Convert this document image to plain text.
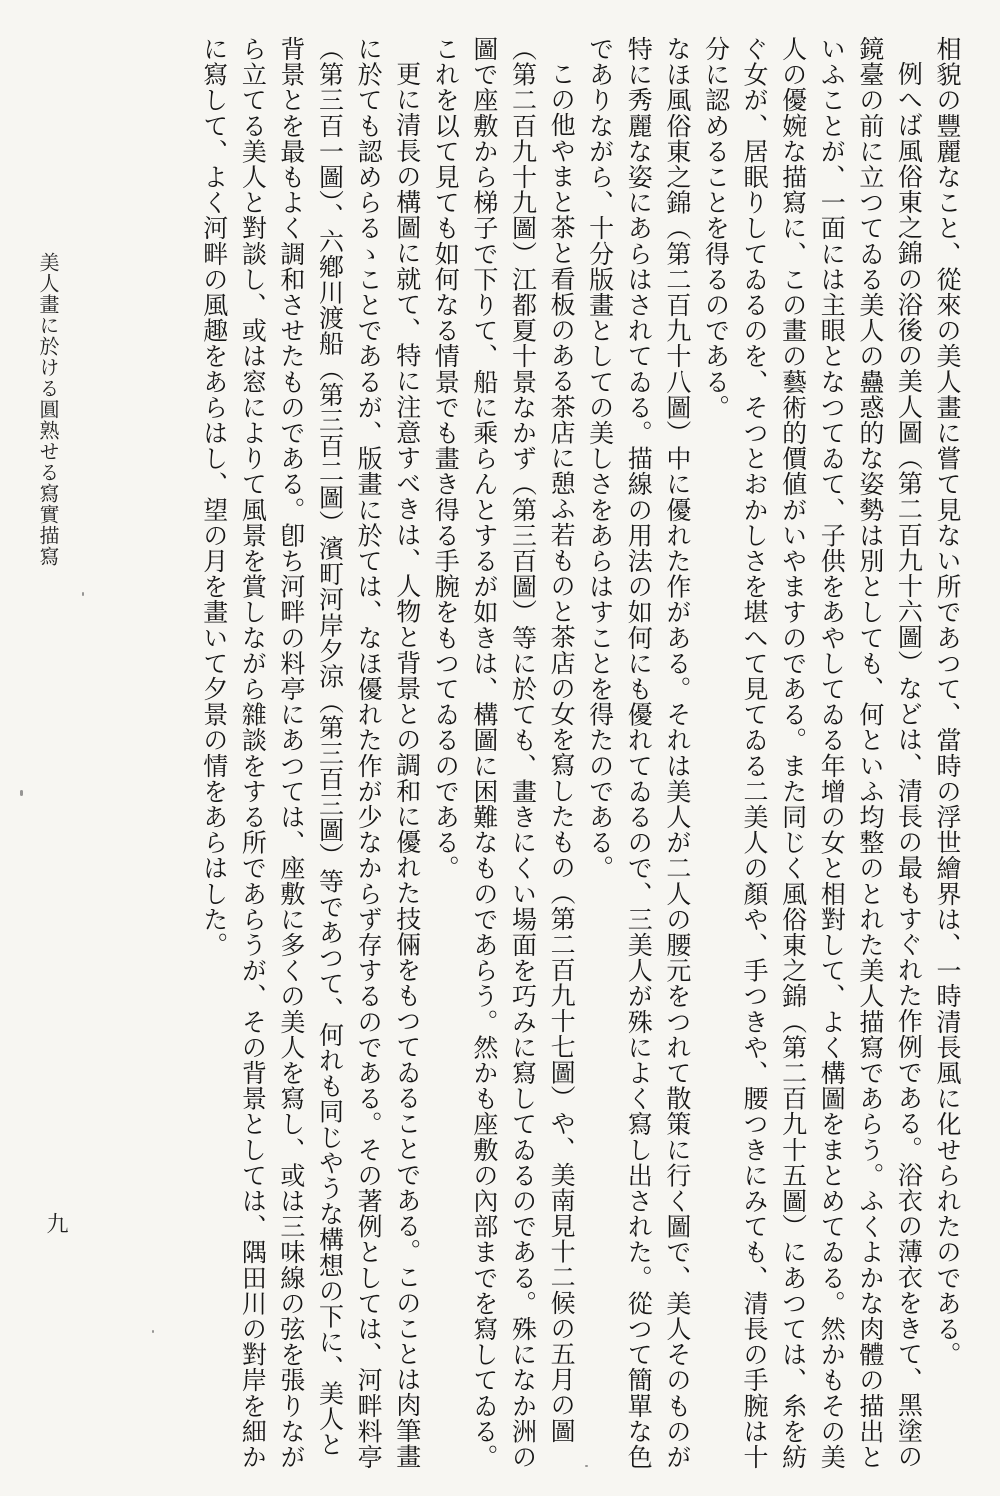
相貌の豐麗なこと、從來の美人畫に嘗て見ない所であつて、當時の浮世繪界は、一時清長風に化せられたのである。

例へば風俗東之錦の浴後の美人圖（第二百九十六圖）などは、清長の最もすぐれた作例である。浴衣の薄衣をきて、黑塗の鏡臺の前に立つてゐる美人の蠱惑的な姿勢は別としても、何といふ均整のとれた美人描寫であらう。ふくよかな肉體の描出といふことが、一面には主眼となつてゐて、子供をあやしてゐる年增の女と相對して、よく構圖をまとめてゐる。然かもその美人の優婉な描寫に、この畫の藝術的價値がいやますのである。また同じく風俗東之錦（第二百九十五圖）にあつては、糸を紡ぐ女が、居眠りしてゐるのを、そつとおかしさを堪へて見てゐる二美人の顏や、手つきや、腰つきにみても、清長の手腕は十分に認めることを得るのである。

なほ風俗東之錦（第二百九十八圖）中に優れた作がある。それは美人が二人の腰元をつれて散策に行く圖で、美人そのものが特に秀麗な姿にあらはされてゐる。描線の用法の如何にも優れてゐるので、三美人が殊によく寫し出された。從つて簡單な色でありながら、十分版畫としての美しさをあらはすことを得たのである。

この他やまと茶と看板のある茶店に憩ふ若ものと茶店の女を寫したもの（第二百九十七圖）や、美南見十二候の五月の圖（第二百九十九圖）江都夏十景なかず（第三百圖）等に於ても、畫きにくい場面を巧みに寫してゐるのである。殊になか洲の圖で座敷から梯子で下りて、船に乘らんとするが如きは、構圖に困難なものであらう。然かも座敷の內部までを寫してゐる。これを以て見ても如何なる情景でも畫き得る手腕をもつてゐるのである。

更に清長の構圖に就て、特に注意すべきは、人物と背景との調和に優れた技倆をもつてゐることである。このことは肉筆畫に於ても認めらるゝことであるが、版畫に於ては、なほ優れた作が少なからず存するのである。その著例としては、河畔料亭（第三百一圖）、六鄕川渡船（第三百二圖）濱町河岸夕涼（第三百三圖）等であつて、何れも同じやうな構想の下に、美人と背景とを最もよく調和させたものである。卽ち河畔の料亭にあつては、座敷に多くの美人を寫し、或は三味線の弦を張りながら立てる美人と對談し、或は窓によりて風景を賞しながら雜談をする所であらうが、その背景としては、隅田川の對岸を細かに寫して、よく河畔の風趣をあらはし、望の月を畫いて夕景の情をあらはした。

美人畫に於ける圓熟せる寫實描寫
九
